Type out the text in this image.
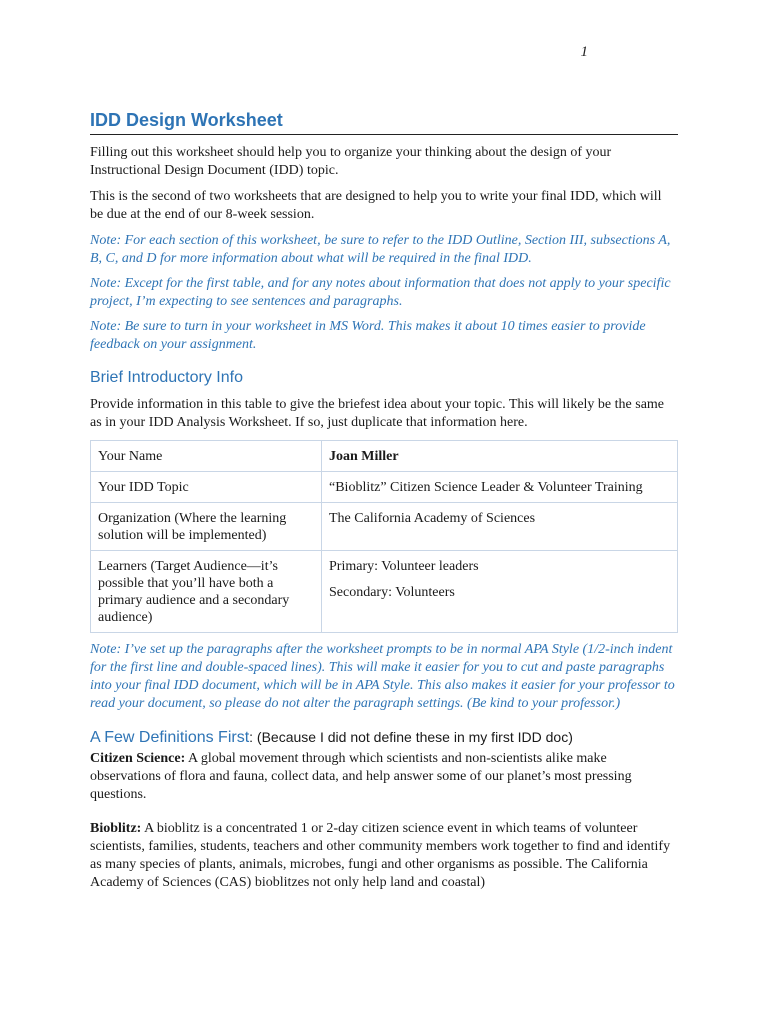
1
IDD Design Worksheet

Filling out this worksheet should help you to organize your thinking about the design of your Instructional Design Document (IDD) topic.

This is the second of two worksheets that are designed to help you to write your final IDD, which will be due at the end of our 8-week session.

Note: For each section of this worksheet, be sure to refer to the IDD Outline, Section III, subsections A, B, C, and D for more information about what will be required in the final IDD.
Note: Except for the first table, and for any notes about information that does not apply to your specific project, I’m expecting to see sentences and paragraphs.
Note: Be sure to turn in your worksheet in MS Word. This makes it about 10 times easier to provide feedback on your assignment.
Brief Introductory Info

Provide information in this table to give the briefest idea about your topic. This will likely be the same as in your IDD Analysis Worksheet. If so, just duplicate that information here.

Your Name	Joan Miller
Your IDD Topic	“Bioblitz” Citizen Science Leader & Volunteer Training
Organization (Where the learning solution will be implemented)	The California Academy of Sciences
Learners (Target Audience—it’s possible that you’ll have both a primary audience and a secondary audience)	Primary: Volunteer leaders
Secondary: Volunteers
Note: I’ve set up the paragraphs after the worksheet prompts to be in normal APA Style (1/2-inch indent for the first line and double-spaced lines). This will make it easier for you to cut and paste paragraphs into your final IDD document, which will be in APA Style. This also makes it easier for your professor to read your document, so please do not alter the paragraph settings. (Be kind to your professor.)
A Few Definitions First: (Because I did not define these in my first IDD doc)

Citizen Science: A global movement through which scientists and non-scientists alike make observations of flora and fauna, collect data, and help answer some of our planet’s most pressing questions.

Bioblitz: A bioblitz is a concentrated 1 or 2-day citizen science event in which teams of volunteer scientists, families, students, teachers and other community members work together to find and identify as many species of plants, animals, microbes, fungi and other organisms as possible. The California Academy of Sciences (CAS) bioblitzes not only help land and coastal)
